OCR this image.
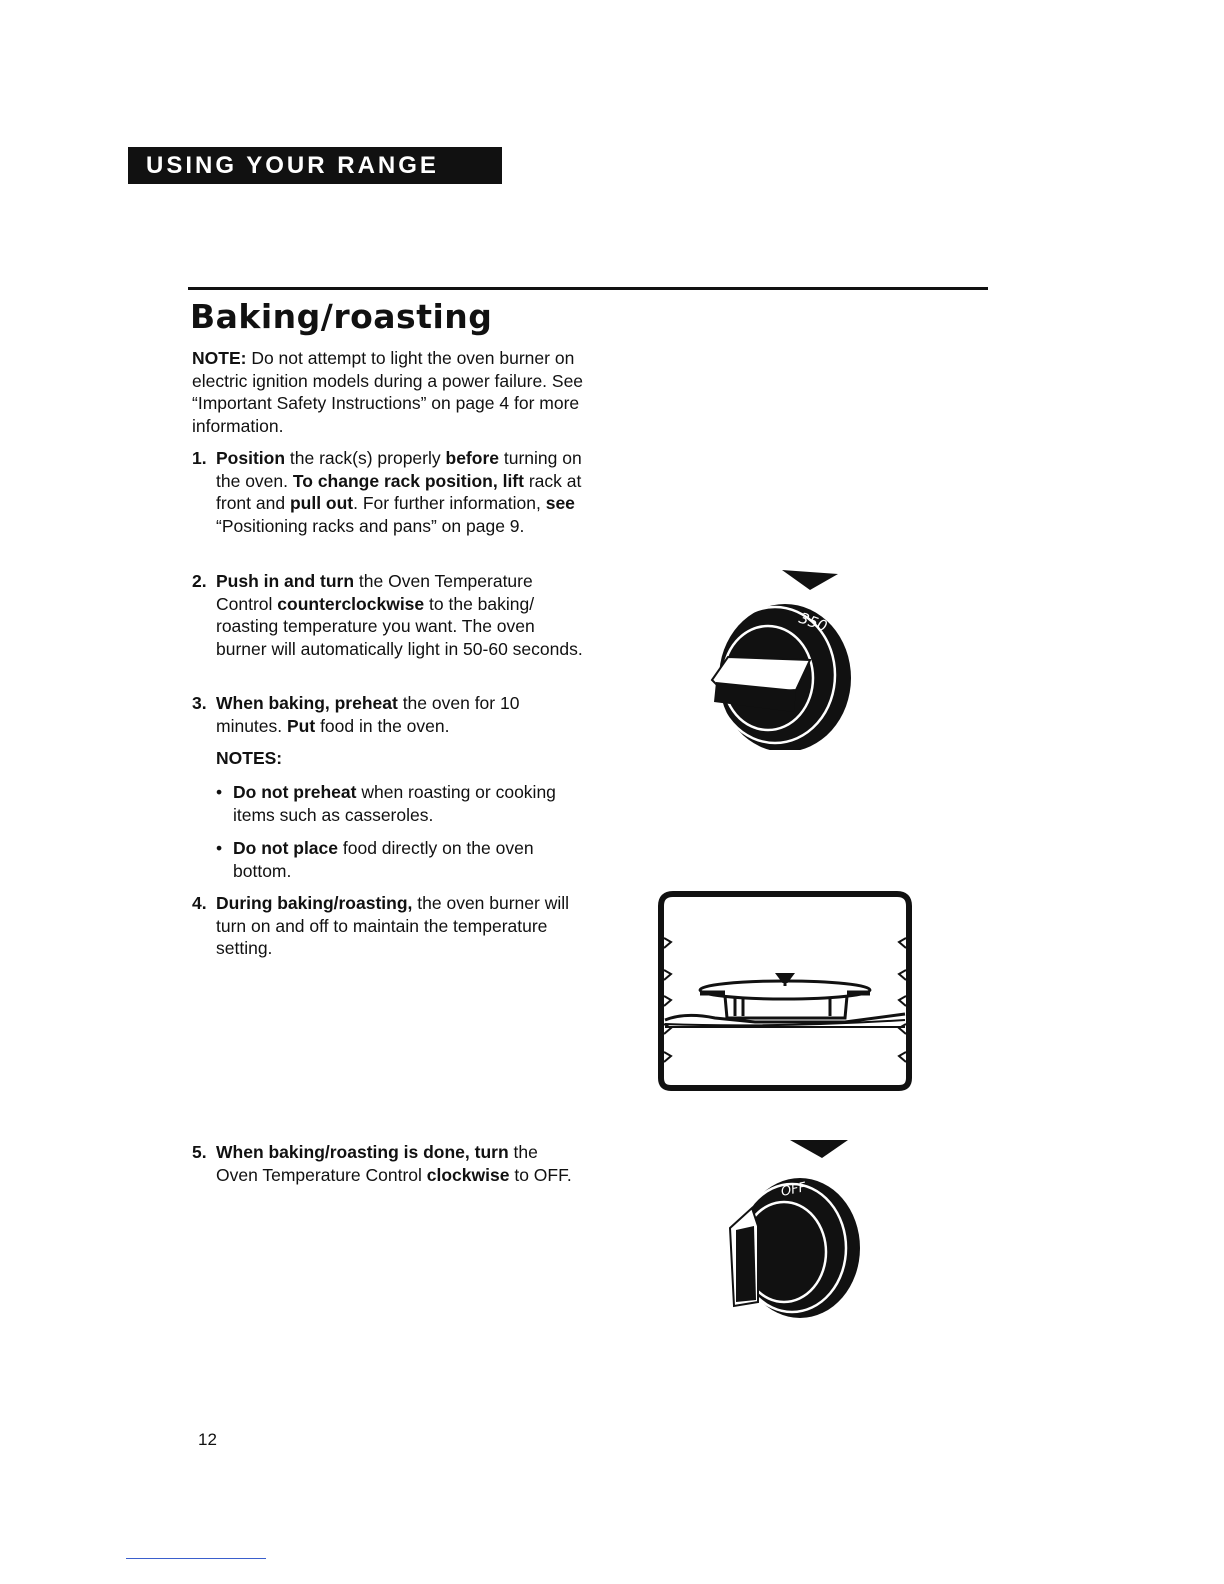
USING YOUR RANGE
Baking/roasting
NOTE: Do not attempt to light the oven burner on electric ignition models during a power failure. See “Important Safety Instructions” on page 4 for more information.
1. Position the rack(s) properly before turning on the oven. To change rack position, lift rack at front and pull out. For further information, see “Positioning racks and pans” on page 9.
2. Push in and turn the Oven Temperature Control counterclockwise to the baking/ roasting temperature you want. The oven burner will automatically light in 50-60 seconds.
3. When baking, preheat the oven for 10 minutes. Put food in the oven.
NOTES:
• Do not preheat when roasting or cooking items such as casseroles.
• Do not place food directly on the oven bottom.
4. During baking/roasting, the oven burner will turn on and off to maintain the temperature setting.
5. When baking/roasting is done, turn the Oven Temperature Control clockwise to OFF.
350
OFF
12
